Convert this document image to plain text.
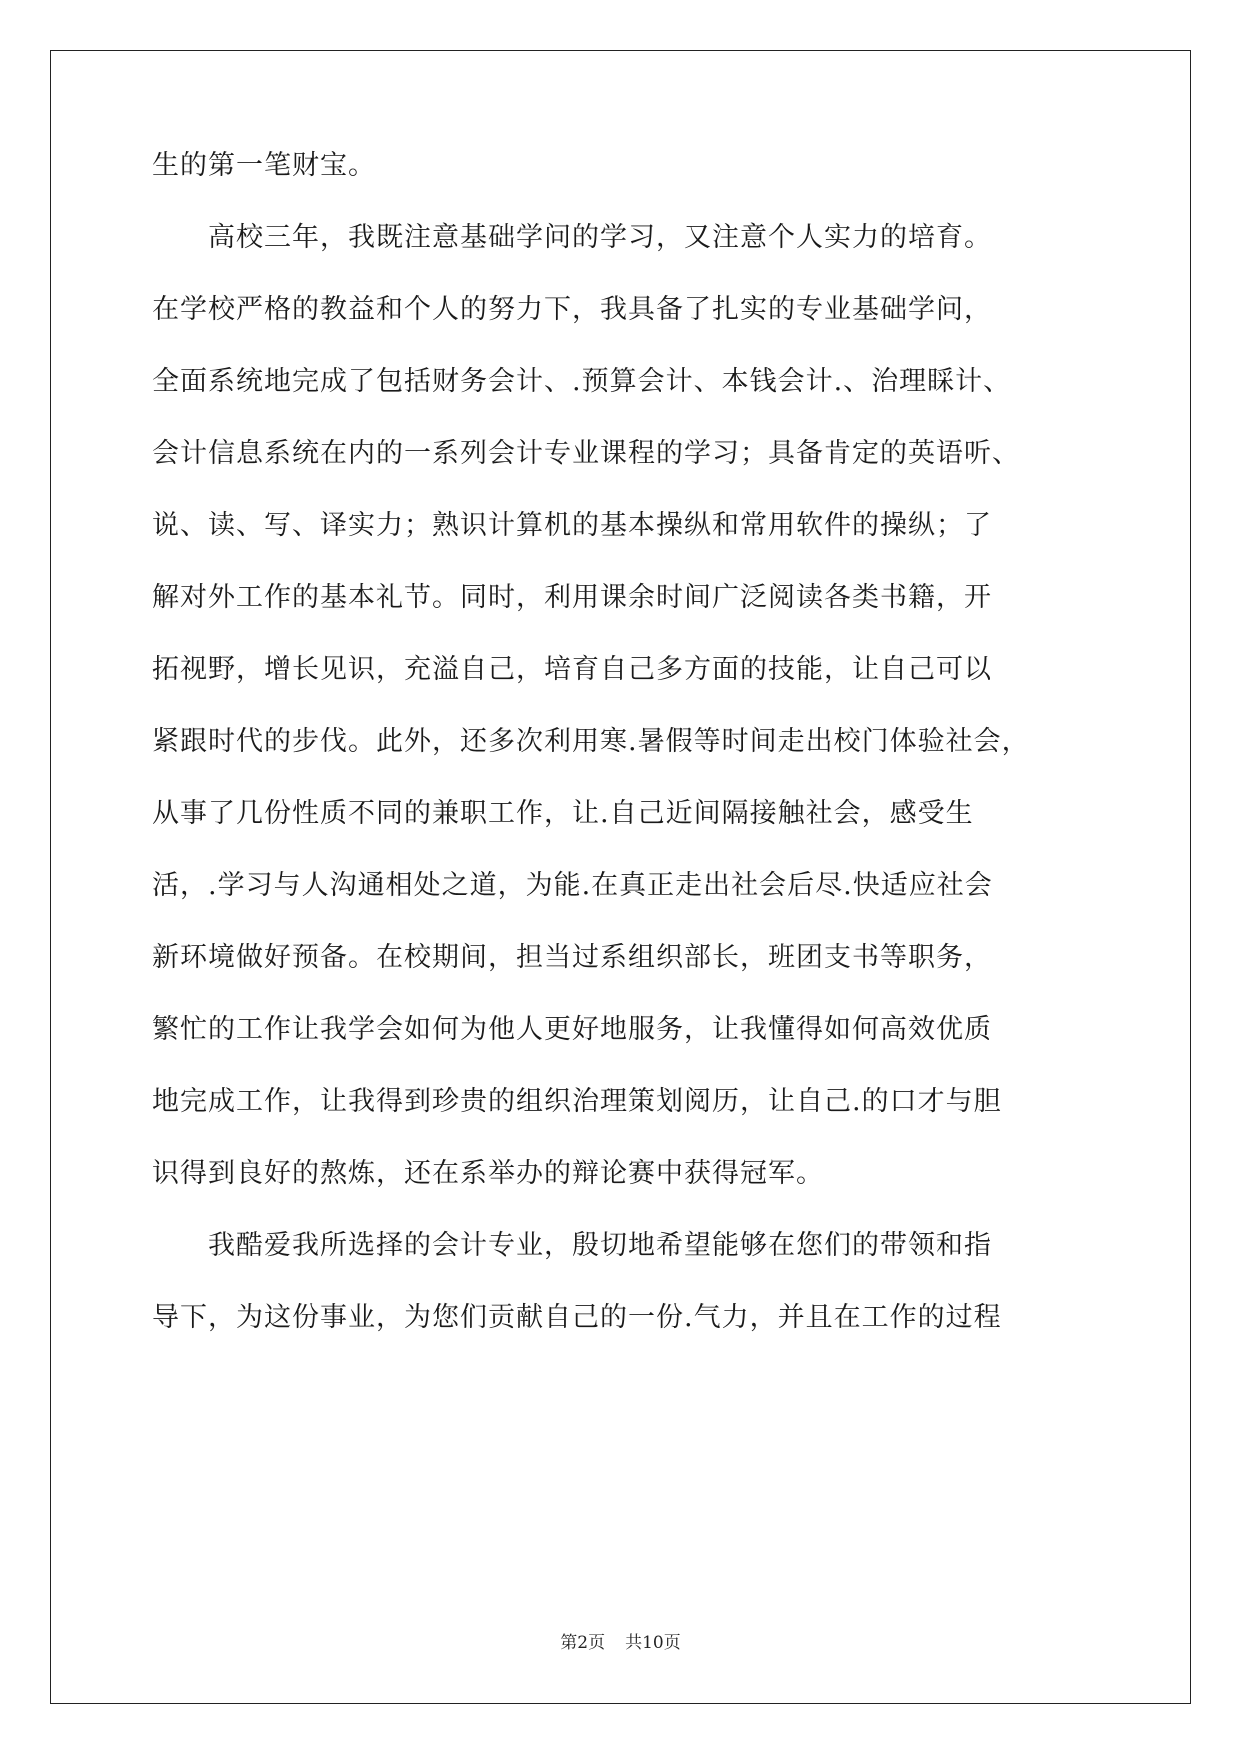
生的第一笔财宝。
　　高校三年，我既注意基础学问的学习，又注意个人实力的培育。
在学校严格的教益和个人的努力下，我具备了扎实的专业基础学问，
全面系统地完成了包括财务会计、.预算会计、本钱会计.、治理睬计、
会计信息系统在内的一系列会计专业课程的学习；具备肯定的英语听、
说、读、写、译实力；熟识计算机的基本操纵和常用软件的操纵；了
解对外工作的基本礼节。同时，利用课余时间广泛阅读各类书籍，开
拓视野，增长见识，充溢自己，培育自己多方面的技能，让自己可以
紧跟时代的步伐。此外，还多次利用寒.暑假等时间走出校门体验社会，
从事了几份性质不同的兼职工作，让.自己近间隔接触社会，感受生
活，.学习与人沟通相处之道，为能.在真正走出社会后尽.快适应社会
新环境做好预备。在校期间，担当过系组织部长，班团支书等职务，
繁忙的工作让我学会如何为他人更好地服务，让我懂得如何高效优质
地完成工作，让我得到珍贵的组织治理策划阅历，让自己.的口才与胆
识得到良好的熬炼，还在系举办的辩论赛中获得冠军。
　　我酷爱我所选择的会计专业，殷切地希望能够在您们的带领和指
导下，为这份事业，为您们贡献自己的一份.气力，并且在工作的过程
第2页 共10页
